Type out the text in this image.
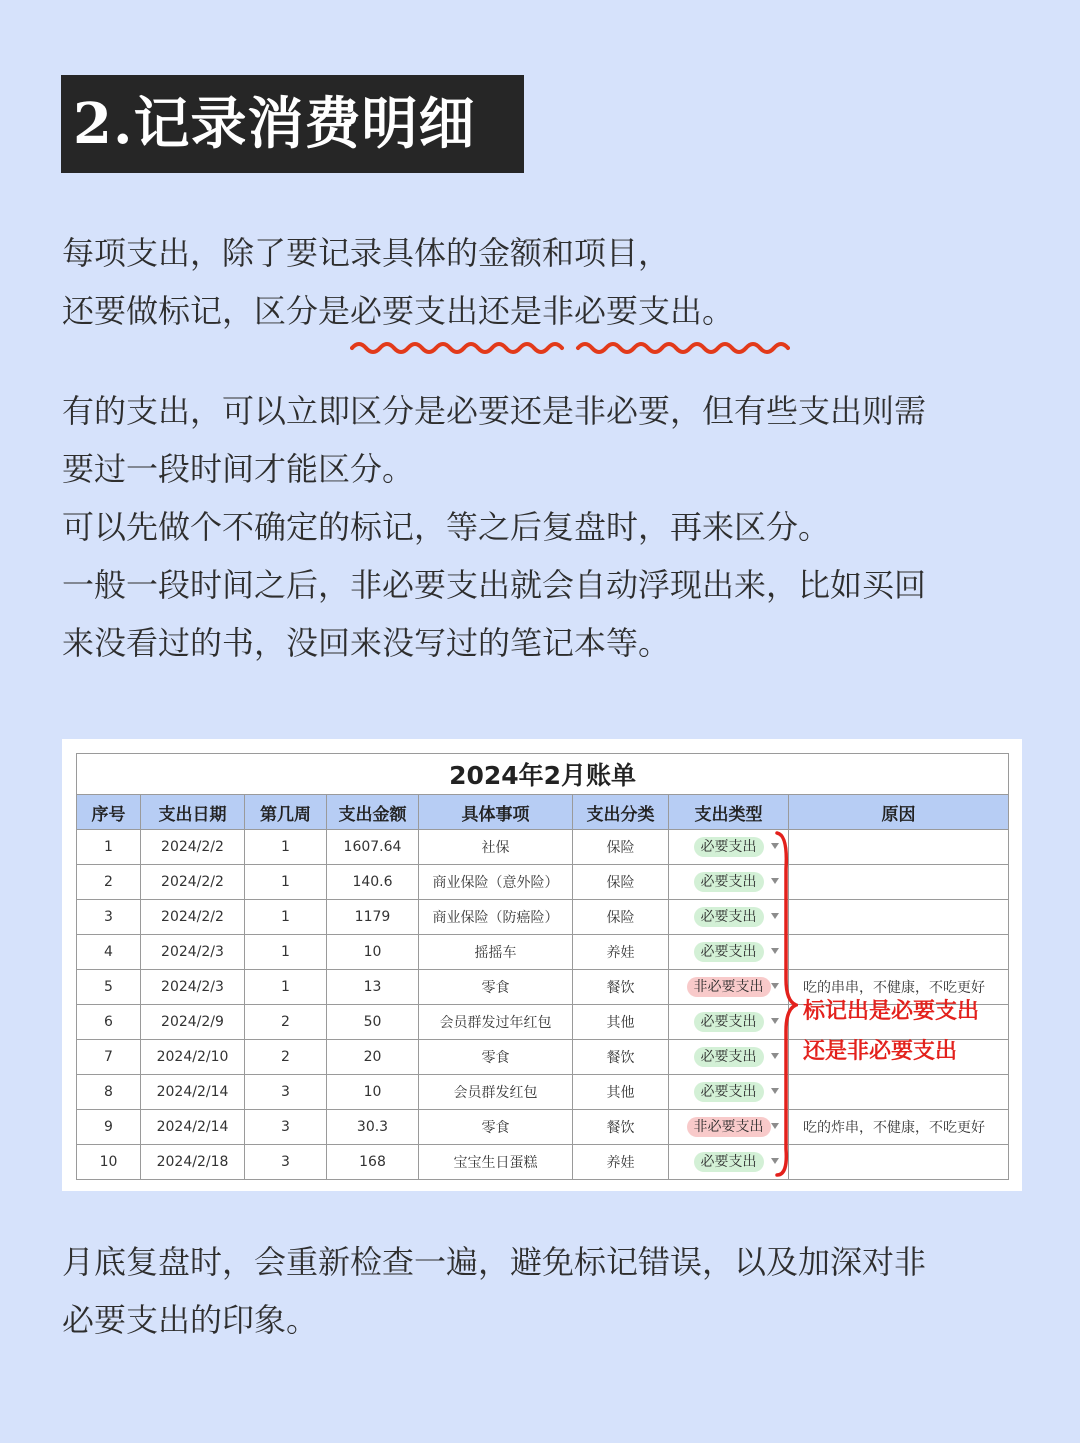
2.记录消费明细
每项支出，除了要记录具体的金额和项目，
还要做标记，区分是必要支出还是非必要支出。
有的支出，可以立即区分是必要还是非必要，但有些支出则需
要过一段时间才能区分。
可以先做个不确定的标记，等之后复盘时，再来区分。
一般一段时间之后，非必要支出就会自动浮现出来，比如买回
来没看过的书，没回来没写过的笔记本等。
2024年2月账单							
序号	支出日期	第几周	支出金额	具体事项	支出分类	支出类型	原因
1	2024/2/2	1	1607.64	社保	保险	必要支出

2	2024/2/2	1	140.6	商业保险（意外险）	保险	必要支出

3	2024/2/2	1	1179	商业保险（防癌险）	保险	必要支出

4	2024/2/3	1	10	摇摇车	养娃	必要支出

5	2024/2/3	1	13	零食	餐饮	非必要支出	吃的串串，不健康，不吃更好
6	2024/2/9	2	50	会员群发过年红包	其他	必要支出

7	2024/2/10	2	20	零食	餐饮	必要支出

8	2024/2/14	3	10	会员群发红包	其他	必要支出

9	2024/2/14	3	30.3	零食	餐饮	非必要支出	吃的炸串，不健康，不吃更好
10	2024/2/18	3	168	宝宝生日蛋糕	养娃	必要支出

标记出是必要支出
还是非必要支出
月底复盘时，会重新检查一遍，避免标记错误，以及加深对非
必要支出的印象。
